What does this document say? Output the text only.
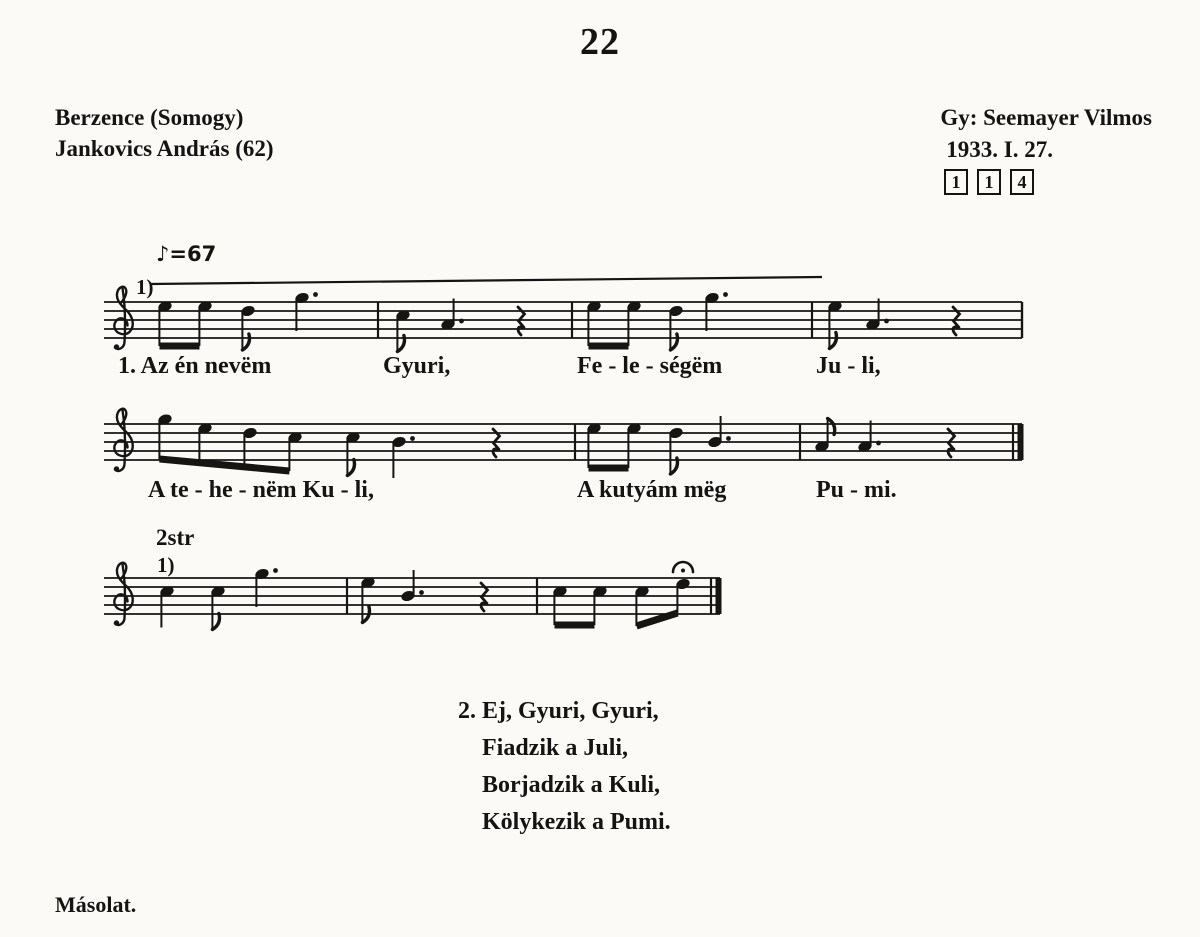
22
Berzence (Somogy)
Jankovics András (62)
Gy: Seemayer Vilmos
1933. I. 27.
1	1	4
♪=67
1)
2str
1)
2. Ej, Gyuri, Gyuri,
Fiadzik a Juli,
Borjadzik a Kuli,
Kölykezik a Pumi.
Másolat.
1. Az én nevëm	Gyuri,	Fe - le - ségëm	Ju - li,
A te - he - nëm Ku - li,	A kutyám mëg	Pu - mi.
